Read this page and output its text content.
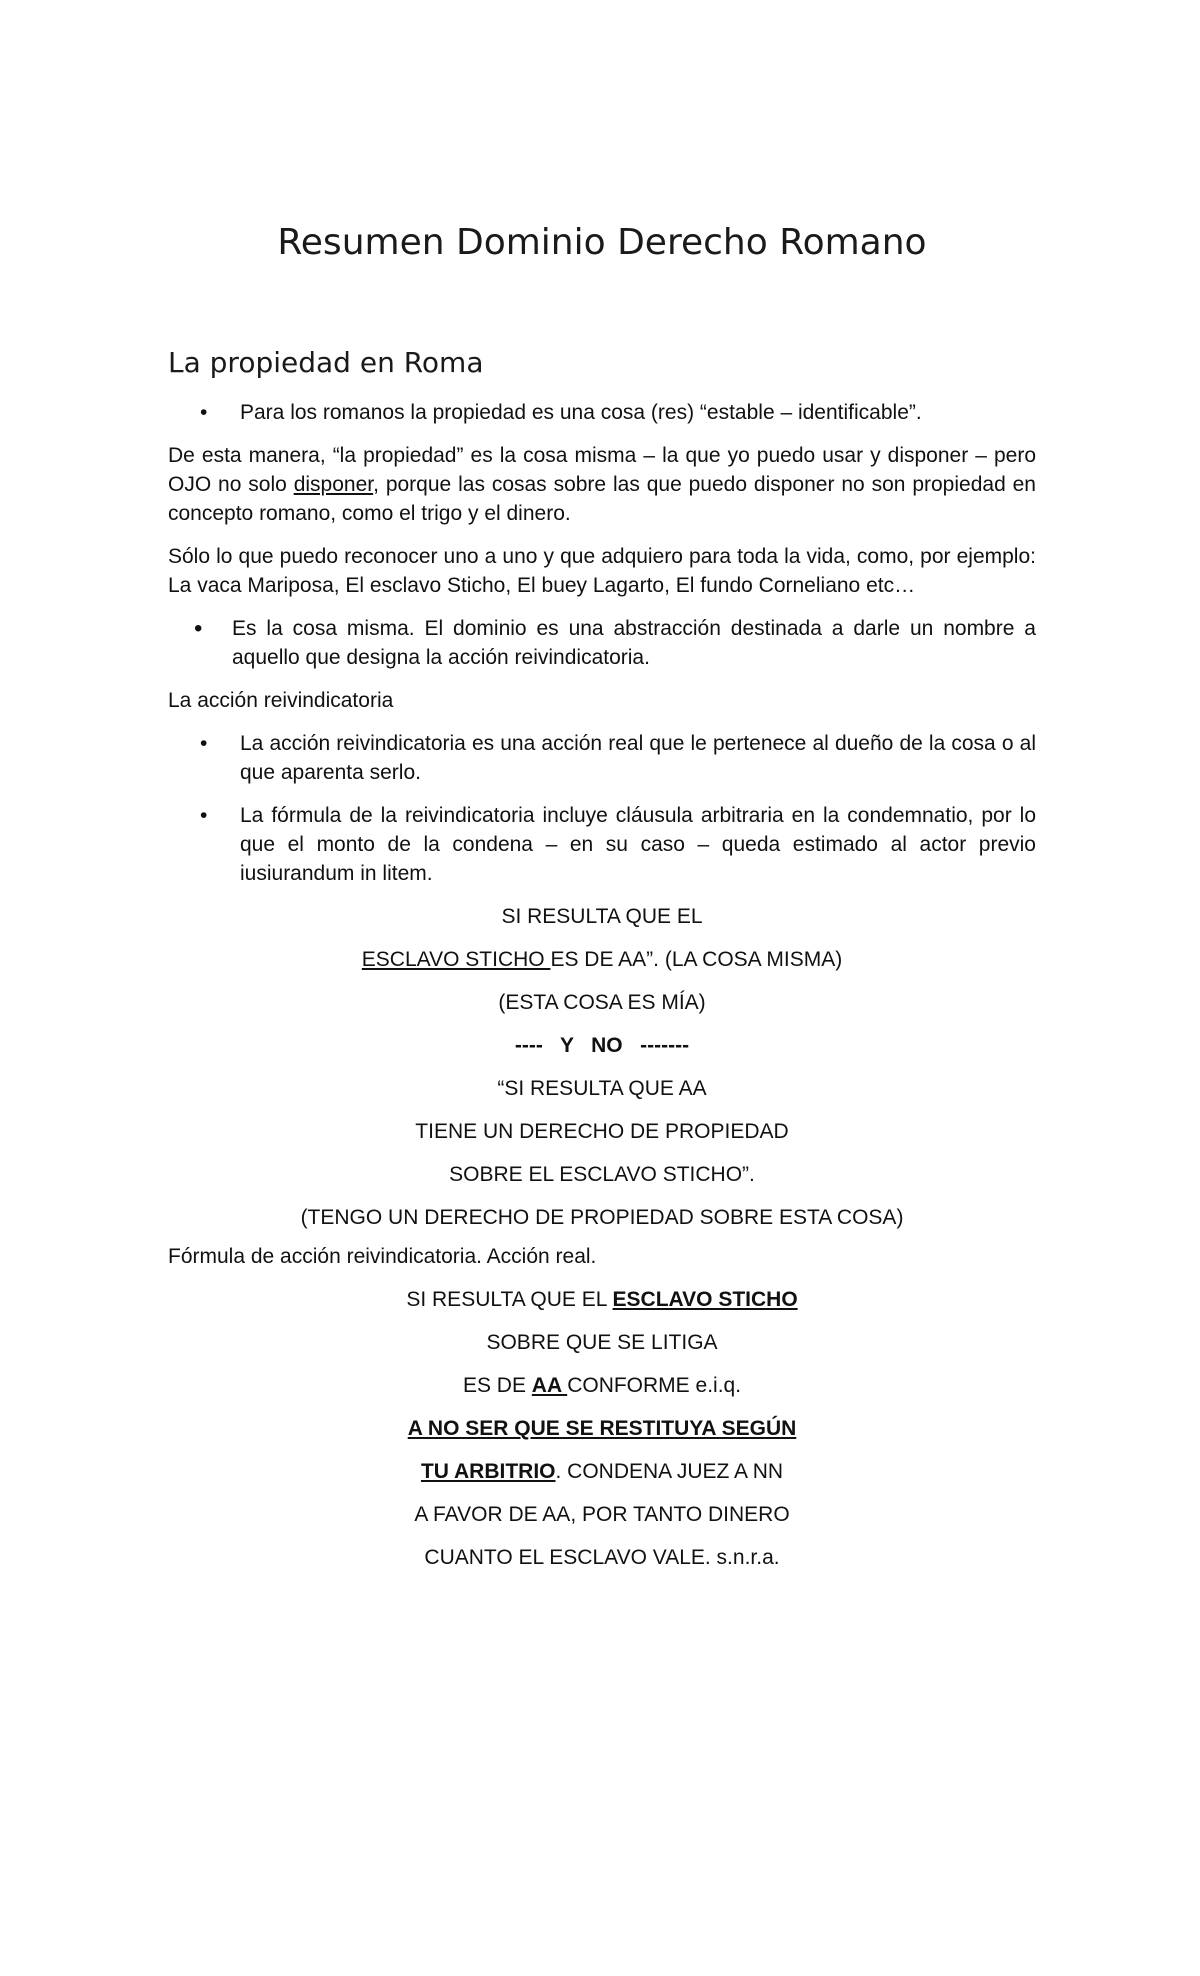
Resumen Dominio Derecho Romano
La propiedad en Roma
•	Para los romanos la propiedad es una cosa (res) “estable – identificable”.

De esta manera, “la propiedad” es la cosa misma – la que yo puedo usar y disponer – pero OJO no solo disponer, porque las cosas sobre las que puedo disponer no son propiedad en concepto romano, como el trigo y el dinero.

Sólo lo que puedo reconocer uno a uno y que adquiero para toda la vida, como, por ejemplo: La vaca Mariposa, El esclavo Sticho, El buey Lagarto, El fundo Corneliano etc…

•	Es la cosa misma. El dominio es una abstracción destinada a darle un nombre a aquello que designa la acción reivindicatoria.

La acción reivindicatoria

•	La acción reivindicatoria es una acción real que le pertenece al dueño de la cosa o al que aparenta serlo.
•	La fórmula de la reivindicatoria incluye cláusula arbitraria en la condemnatio, por lo que el monto de la condena – en su caso – queda estimado al actor previo iusiurandum in litem.

SI RESULTA QUE EL

ESCLAVO STICHO ES DE AA”. (LA COSA MISMA)

(ESTA COSA ES MÍA)

----   Y   NO   -------

“SI RESULTA QUE AA

TIENE UN DERECHO DE PROPIEDAD

SOBRE EL ESCLAVO STICHO”.

(TENGO UN DERECHO DE PROPIEDAD SOBRE ESTA COSA)

Fórmula de acción reivindicatoria. Acción real.

SI RESULTA QUE EL ESCLAVO STICHO

SOBRE QUE SE LITIGA

ES DE AA CONFORME e.i.q.

A NO SER QUE SE RESTITUYA SEGÚN

TU ARBITRIO. CONDENA JUEZ A NN

A FAVOR DE AA, POR TANTO DINERO

CUANTO EL ESCLAVO VALE. s.n.r.a.
